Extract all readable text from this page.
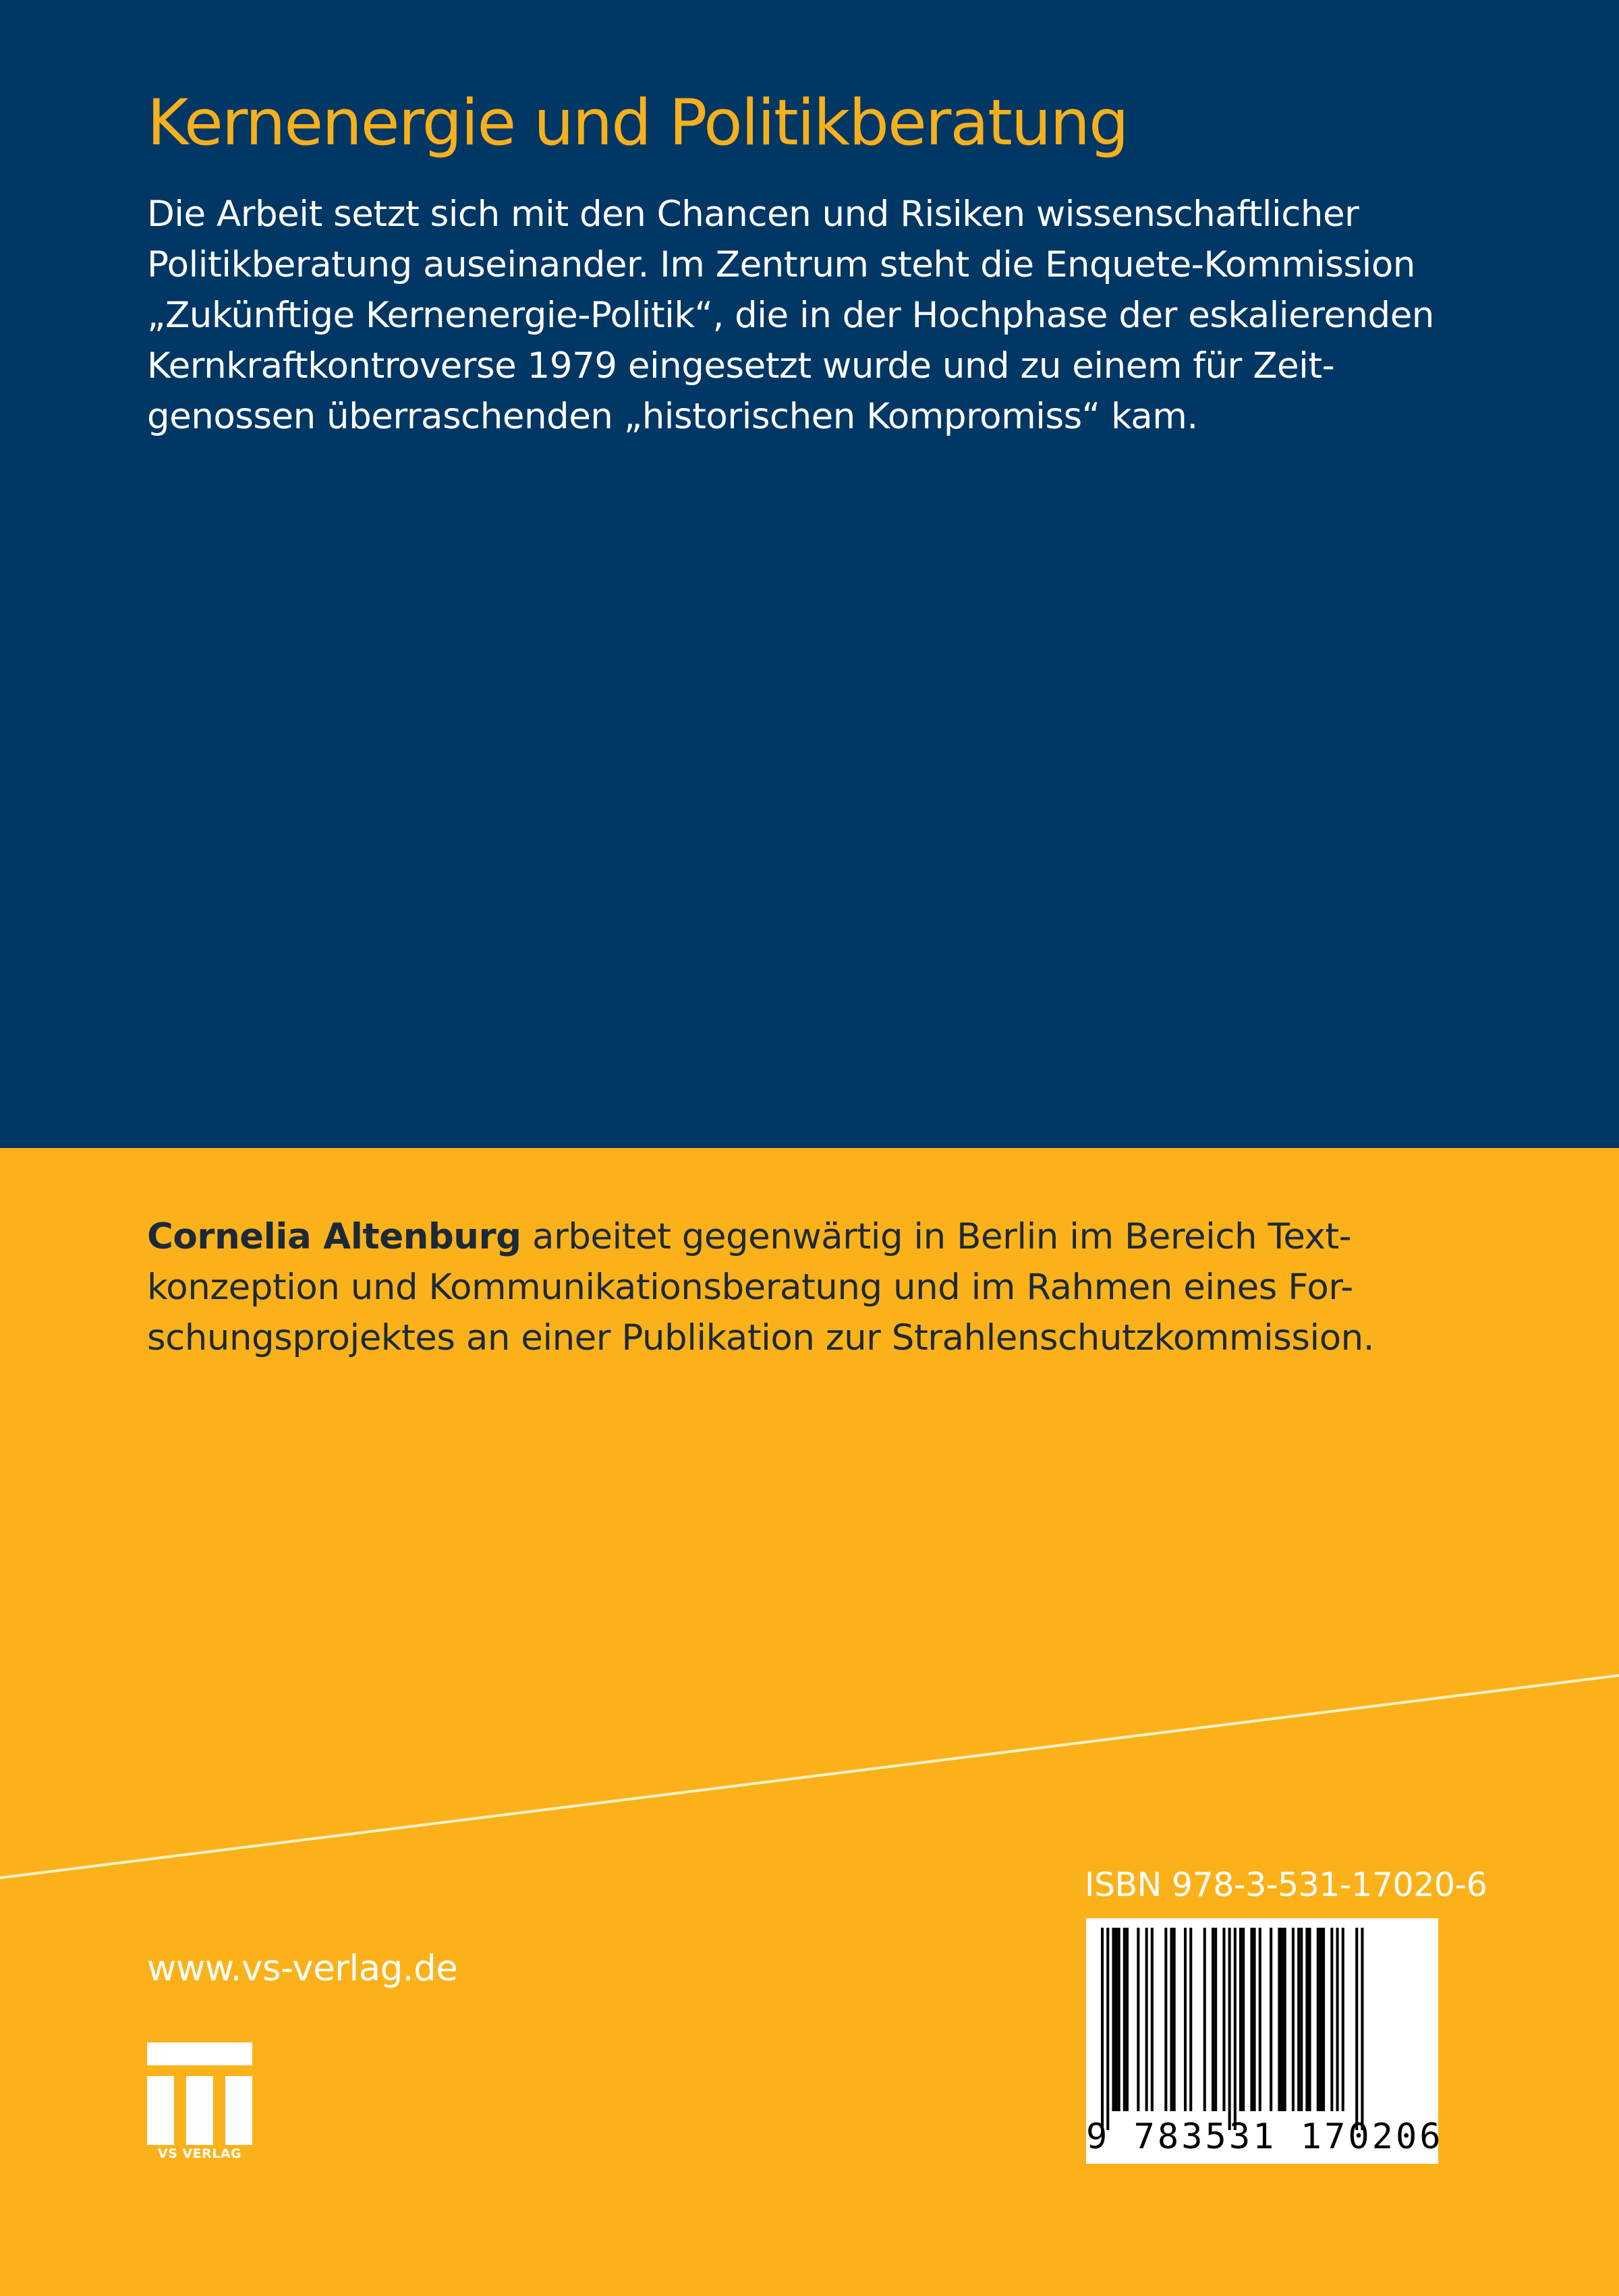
Kernenergie und Politikberatung
Die Arbeit setzt sich mit den Chancen und Risiken wissenschaftlicher
Politikberatung auseinander. Im Zentrum steht die Enquete-Kommission
„Zukünftige Kernenergie-Politik“, die in der Hochphase der eskalierenden
Kernkraftkontroverse 1979 eingesetzt wurde und zu einem für Zeit-
genossen überraschenden „historischen Kompromiss“ kam.
Cornelia Altenburg arbeitet gegenwärtig in Berlin im Bereich Text-
konzeption und Kommunikationsberatung und im Rahmen eines For-
schungsprojektes an einer Publikation zur Strahlenschutzkommission.
www.vs-verlag.de
VS VERLAG
ISBN 978-3-531-17020-6
9 783531 170206
